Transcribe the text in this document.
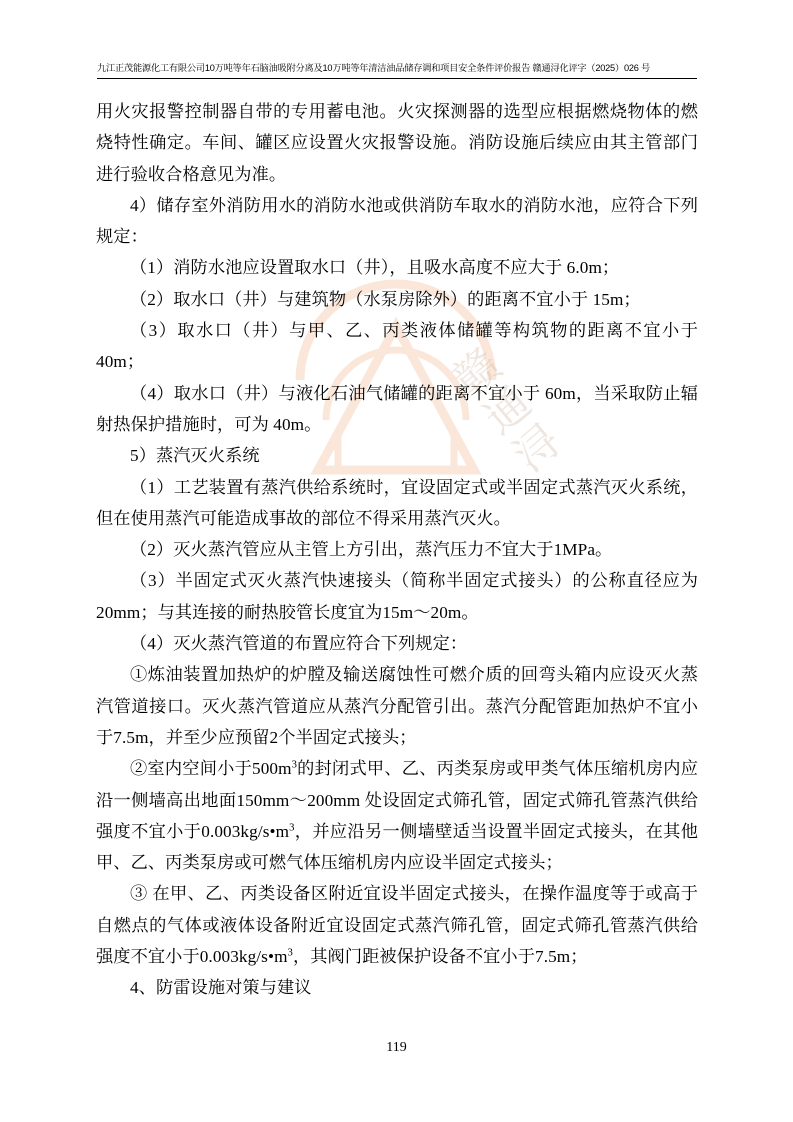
赣
通
浔
九江正茂能源化工有限公司10万吨等年石脑油吸附分离及10万吨等年清洁油品储存调和项目安全条件评价报告 赣通浔化评字（2025）026 号

用火灾报警控制器自带的专用蓄电池。火灾探测器的选型应根据燃烧物体的燃烧特性确定。车间、罐区应设置火灾报警设施。消防设施后续应由其主管部门进行验收合格意见为准。

4）储存室外消防用水的消防水池或供消防车取水的消防水池，应符合下列规定：

（1）消防水池应设置取水口（井），且吸水高度不应大于 6.0m；

（2）取水口（井）与建筑物（水泵房除外）的距离不宜小于 15m；

（3）取水口（井）与甲、乙、丙类液体储罐等构筑物的距离不宜小于40m；

（4）取水口（井）与液化石油气储罐的距离不宜小于 60m，当采取防止辐射热保护措施时，可为 40m。

5）蒸汽灭火系统

（1）工艺装置有蒸汽供给系统时，宜设固定式或半固定式蒸汽灭火系统，但在使用蒸汽可能造成事故的部位不得采用蒸汽灭火。

（2）灭火蒸汽管应从主管上方引出，蒸汽压力不宜大于1MPa。

（3）半固定式灭火蒸汽快速接头（简称半固定式接头）的公称直径应为20mm；与其连接的耐热胶管长度宜为15m～20m。

（4）灭火蒸汽管道的布置应符合下列规定：

①炼油装置加热炉的炉膛及输送腐蚀性可燃介质的回弯头箱内应设灭火蒸汽管道接口。灭火蒸汽管道应从蒸汽分配管引出。蒸汽分配管距加热炉不宜小于7.5m，并至少应预留2个半固定式接头；

②室内空间小于$500m^3$的封闭式甲、乙、丙类泵房或甲类气体压缩机房内应沿一侧墙高出地面150mm～200mm 处设固定式筛孔管，固定式筛孔管蒸汽供给强度不宜小于$0.003kg/s•m^3$，并应沿另一侧墙壁适当设置半固定式接头，在其他甲、乙、丙类泵房或可燃气体压缩机房内应设半固定式接头；

③ 在甲、乙、丙类设备区附近宜设半固定式接头，在操作温度等于或高于自燃点的气体或液体设备附近宜设固定式蒸汽筛孔管，固定式筛孔管蒸汽供给强度不宜小于$0.003kg/s•m^3$，其阀门距被保护设备不宜小于7.5m；

4、防雷设施对策与建议

119
